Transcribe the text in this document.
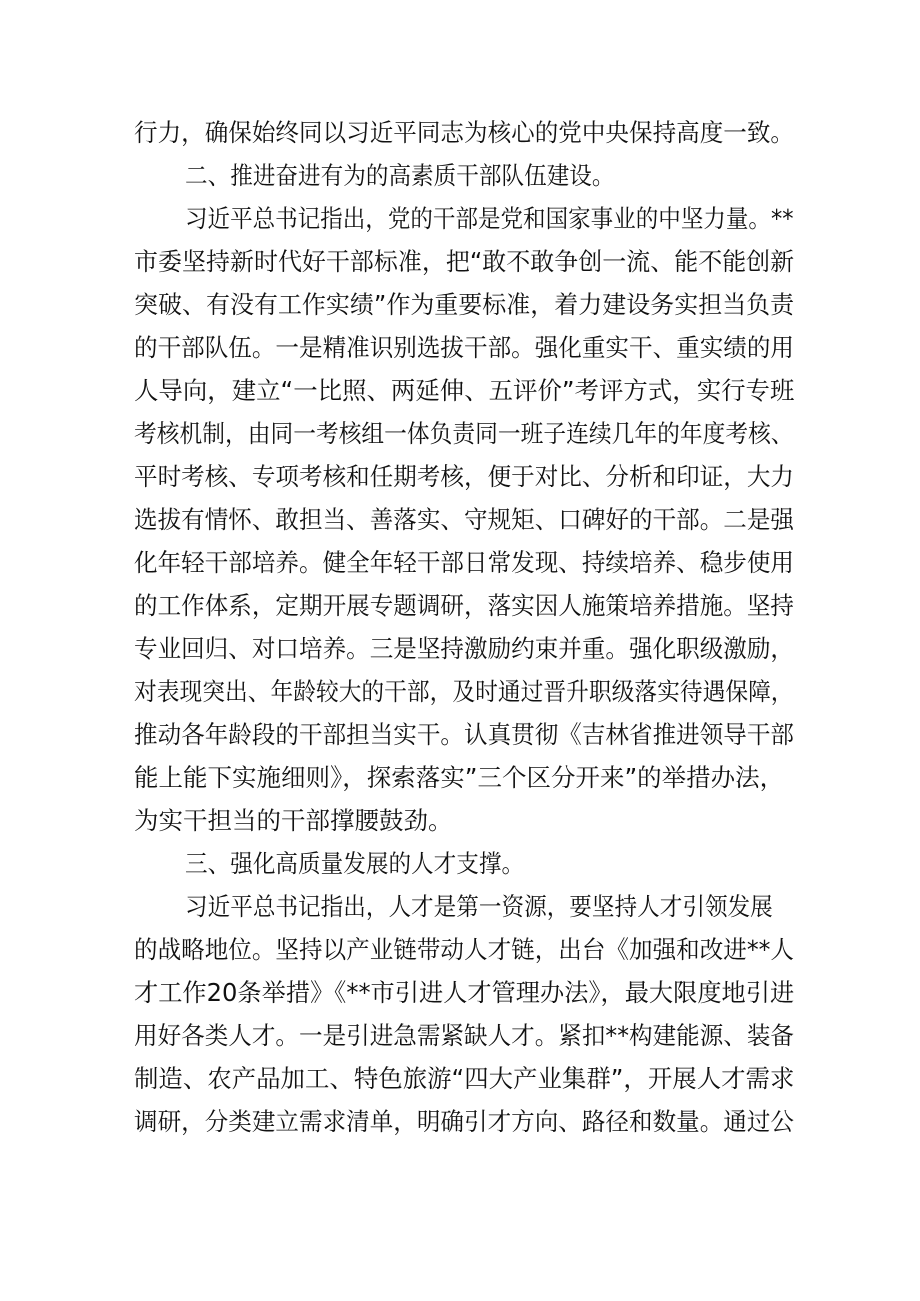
行力，确保始终同以习近平同志为核心的党中央保持高度一致。
二、推进奋进有为的高素质干部队伍建设。
习近平总书记指出，党的干部是党和国家事业的中坚力量。**
市委坚持新时代好干部标准，把“敢不敢争创一流、能不能创新
突破、有没有工作实绩”作为重要标准，着力建设务实担当负责
的干部队伍。一是精准识别选拔干部。强化重实干、重实绩的用
人导向，建立“一比照、两延伸、五评价”考评方式，实行专班
考核机制，由同一考核组一体负责同一班子连续几年的年度考核、
平时考核、专项考核和任期考核，便于对比、分析和印证，大力
选拔有情怀、敢担当、善落实、守规矩、口碑好的干部。二是强
化年轻干部培养。健全年轻干部日常发现、持续培养、稳步使用
的工作体系，定期开展专题调研，落实因人施策培养措施。坚持
专业回归、对口培养。三是坚持激励约束并重。强化职级激励，
对表现突出、年龄较大的干部，及时通过晋升职级落实待遇保障，
推动各年龄段的干部担当实干。认真贯彻《吉林省推进领导干部
能上能下实施细则》，探索落实”三个区分开来”的举措办法，
为实干担当的干部撑腰鼓劲。
三、强化高质量发展的人才支撑。
习近平总书记指出，人才是第一资源，要坚持人才引领发展
的战略地位。坚持以产业链带动人才链，出台《加强和改进**人
才工作20条举措》《**市引进人才管理办法》，最大限度地引进
用好各类人才。一是引进急需紧缺人才。紧扣**构建能源、装备
制造、农产品加工、特色旅游“四大产业集群”，开展人才需求
调研，分类建立需求清单，明确引才方向、路径和数量。通过公
